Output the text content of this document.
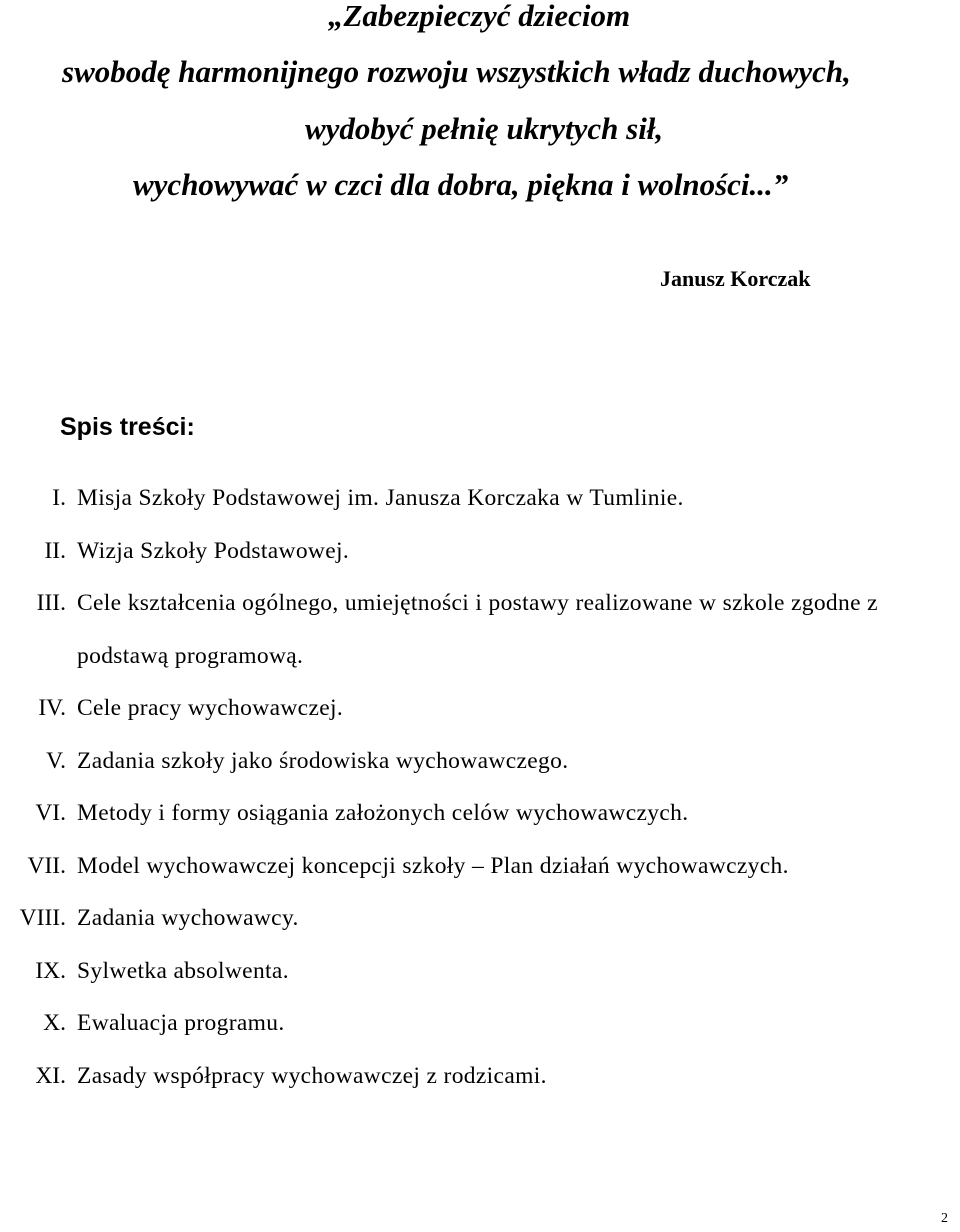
„Zabezpieczyć dzieciom
swobodę harmonijnego rozwoju wszystkich władz duchowych,
wydobyć pełnię ukrytych sił,
wychowywać w czci dla dobra, piękna i wolności...”
Janusz Korczak
Spis treści:
I. Misja Szkoły Podstawowej im. Janusza Korczaka w Tumlinie.
II. Wizja Szkoły Podstawowej.
III. Cele kształcenia ogólnego, umiejętności i postawy realizowane w szkole zgodne z podstawą programową.
IV. Cele pracy wychowawczej.
V. Zadania szkoły jako środowiska wychowawczego.
VI. Metody i formy osiągania założonych celów wychowawczych.
VII. Model wychowawczej koncepcji szkoły – Plan działań wychowawczych.
VIII. Zadania wychowawcy.
IX. Sylwetka absolwenta.
X. Ewaluacja programu.
XI. Zasady współpracy wychowawczej z rodzicami.
2
